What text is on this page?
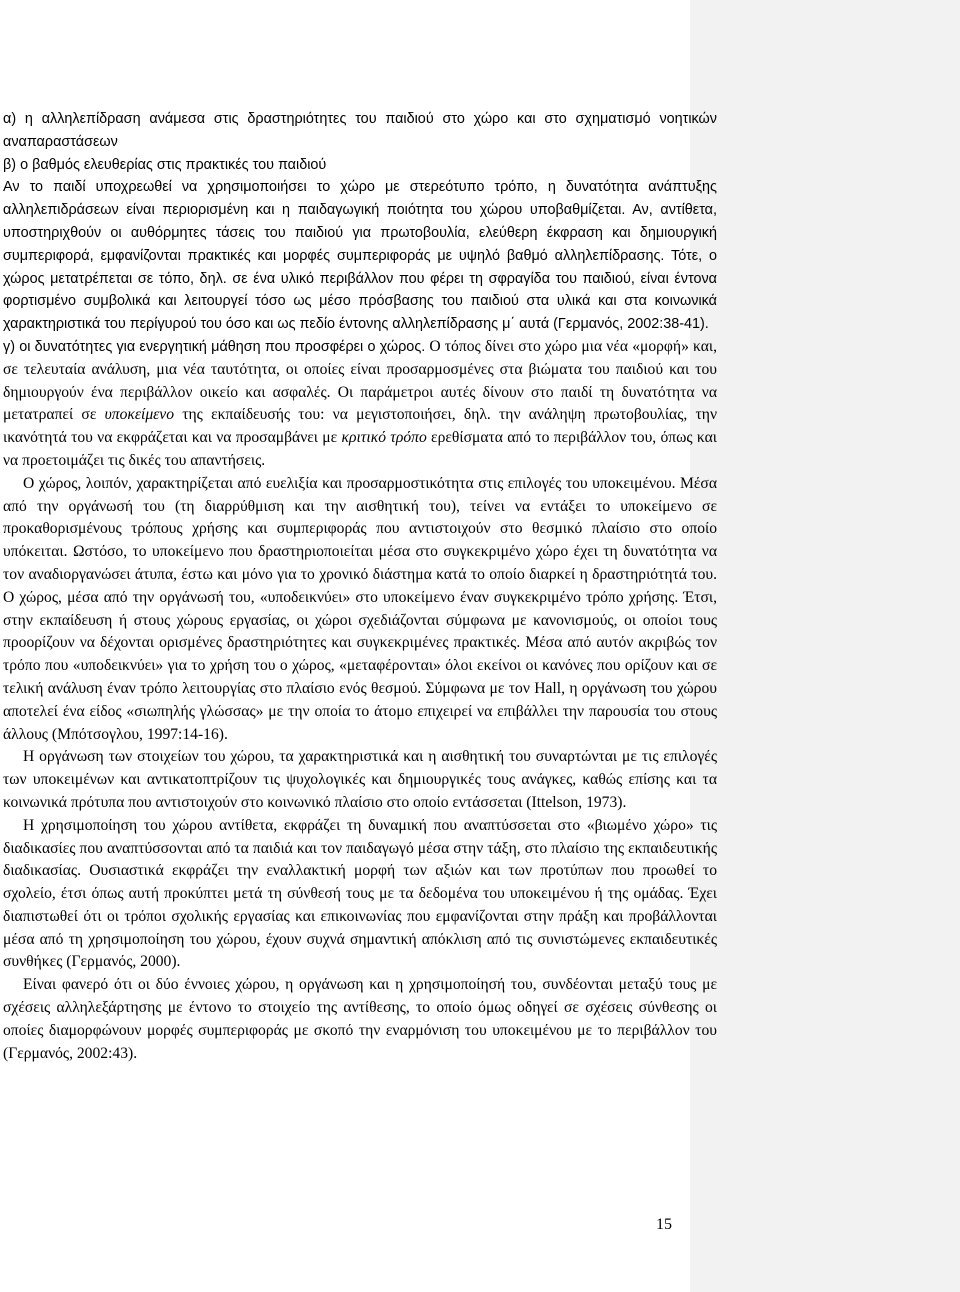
α) η αλληλεπίδραση ανάμεσα στις δραστηριότητες του παιδιού στο χώρο και στο σχηματισμό νοητικών αναπαραστάσεων

β) ο βαθμός ελευθερίας στις πρακτικές του παιδιού

Αν το παιδί υποχρεωθεί να χρησιμοποιήσει το χώρο με στερεότυπο τρόπο, η δυνατότητα ανάπτυξης αλληλεπιδράσεων είναι περιορισμένη και η παιδαγωγική ποιότητα του χώρου υποβαθμίζεται. Αν, αντίθετα, υποστηριχθούν οι αυθόρμητες τάσεις του παιδιού για πρωτοβουλία, ελεύθερη έκφραση και δημιουργική συμπεριφορά, εμφανίζονται πρακτικές και μορφές συμπεριφοράς με υψηλό βαθμό αλληλεπίδρασης. Τότε, ο χώρος μετατρέπεται σε τόπο, δηλ. σε ένα υλικό περιβάλλον που φέρει τη σφραγίδα του παιδιού, είναι έντονα φορτισμένο συμβολικά και λειτουργεί τόσο ως μέσο πρόσβασης του παιδιού στα υλικά και στα κοινωνικά χαρακτηριστικά του περίγυρού του όσο και ως πεδίο έντονης αλληλεπίδρασης μ΄ αυτά (Γερμανός, 2002:38-41).

γ) οι δυνατότητες για ενεργητική μάθηση που προσφέρει ο χώρος. Ο τόπος δίνει στο χώρο μια νέα «μορφή» και, σε τελευταία ανάλυση, μια νέα ταυτότητα, οι οποίες είναι προσαρμοσμένες στα βιώματα του παιδιού και του δημιουργούν ένα περιβάλλον οικείο και ασφαλές. Οι παράμετροι αυτές δίνουν στο παιδί τη δυνατότητα να μετατραπεί σε υποκείμενο της εκπαίδευσής του: να μεγιστοποιήσει, δηλ. την ανάληψη πρωτοβουλίας, την ικανότητά του να εκφράζεται και να προσαμβάνει με κριτικό τρόπο ερεθίσματα από το περιβάλλον του, όπως και να προετοιμάζει τις δικές του απαντήσεις.

Ο χώρος, λοιπόν, χαρακτηρίζεται από ευελιξία και προσαρμοστικότητα στις επιλογές του υποκειμένου. Μέσα από την οργάνωσή του (τη διαρρύθμιση και την αισθητική του), τείνει να εντάξει το υποκείμενο σε προκαθορισμένους τρόπους χρήσης και συμπεριφοράς που αντιστοιχούν στο θεσμικό πλαίσιο στο οποίο υπόκειται. Ωστόσο, το υποκείμενο που δραστηριοποιείται μέσα στο συγκεκριμένο χώρο έχει τη δυνατότητα να τον αναδιοργανώσει άτυπα, έστω και μόνο για το χρονικό διάστημα κατά το οποίο διαρκεί η δραστηριότητά του. Ο χώρος, μέσα από την οργάνωσή του, «υποδεικνύει» στο υποκείμενο έναν συγκεκριμένο τρόπο χρήσης. Έτσι, στην εκπαίδευση ή στους χώρους εργασίας, οι χώροι σχεδιάζονται σύμφωνα με κανονισμούς, οι οποίοι τους προορίζουν να δέχονται ορισμένες δραστηριότητες και συγκεκριμένες πρακτικές. Μέσα από αυτόν ακριβώς τον τρόπο που «υποδεικνύει» για το χρήση του ο χώρος, «μεταφέρονται» όλοι εκείνοι οι κανόνες που ορίζουν και σε τελική ανάλυση έναν τρόπο λειτουργίας στο πλαίσιο ενός θεσμού. Σύμφωνα με τον Hall, η οργάνωση του χώρου αποτελεί ένα είδος «σιωπηλής γλώσσας» με την οποία το άτομο επιχειρεί να επιβάλλει την παρουσία του στους άλλους (Μπότσογλου, 1997:14-16).

Η οργάνωση των στοιχείων του χώρου, τα χαρακτηριστικά και η αισθητική του συναρτώνται με τις επιλογές των υποκειμένων και αντικατοπτρίζουν τις ψυχολογικές και δημιουργικές τους ανάγκες, καθώς επίσης και τα κοινωνικά πρότυπα που αντιστοιχούν στο κοινωνικό πλαίσιο στο οποίο εντάσσεται (Ittelson, 1973).

Η χρησιμοποίηση του χώρου αντίθετα, εκφράζει τη δυναμική που αναπτύσσεται στο «βιωμένο χώρο» τις διαδικασίες που αναπτύσσονται από τα παιδιά και τον παιδαγωγό μέσα στην τάξη, στο πλαίσιο της εκπαιδευτικής διαδικασίας. Ουσιαστικά εκφράζει την εναλλακτική μορφή των αξιών και των προτύπων που προωθεί το σχολείο, έτσι όπως αυτή προκύπτει μετά τη σύνθεσή τους με τα δεδομένα του υποκειμένου ή της ομάδας. Έχει διαπιστωθεί ότι οι τρόποι σχολικής εργασίας και επικοινωνίας που εμφανίζονται στην πράξη και προβάλλονται μέσα από τη χρησιμοποίηση του χώρου, έχουν συχνά σημαντική απόκλιση από τις συνιστώμενες εκπαιδευτικές συνθήκες (Γερμανός, 2000).

Είναι φανερό ότι οι δύο έννοιες χώρου, η οργάνωση και η χρησιμοποίησή του, συνδέονται μεταξύ τους με σχέσεις αλληλεξάρτησης με έντονο το στοιχείο της αντίθεσης, το οποίο όμως οδηγεί σε σχέσεις σύνθεσης οι οποίες διαμορφώνουν μορφές συμπεριφοράς με σκοπό την εναρμόνιση του υποκειμένου με το περιβάλλον του (Γερμανός, 2002:43).

15
